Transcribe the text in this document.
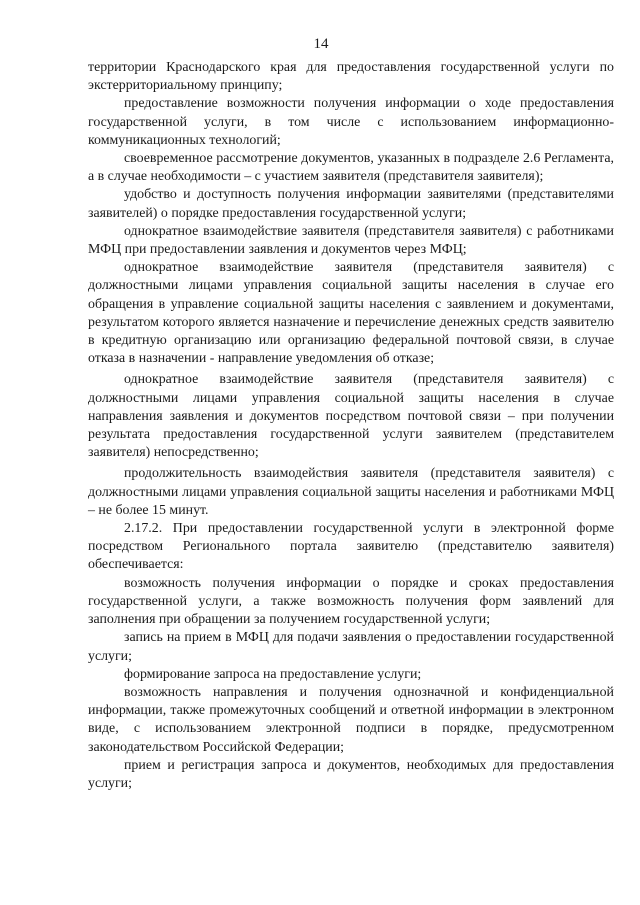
14

территории Краснодарского края для предоставления государственной услуги по экстерриториальному принципу;

предоставление возможности получения информации о ходе предоставления государственной услуги, в том числе с использованием информационно-коммуникационных технологий;

своевременное рассмотрение документов, указанных в подразделе 2.6 Регламента, а в случае необходимости – с участием заявителя (представителя заявителя);

удобство и доступность получения информации заявителями (представителями заявителей) о порядке предоставления государственной услуги;

однократное взаимодействие заявителя (представителя заявителя) с работниками МФЦ при предоставлении заявления и документов через МФЦ;

однократное взаимодействие заявителя (представителя заявителя) с должностными лицами управления социальной защиты населения в случае его обращения в управление социальной защиты населения с заявлением и документами, результатом которого является назначение и перечисление денежных средств заявителю в кредитную организацию или организацию федеральной почтовой связи, в случае отказа в назначении - направление уведомления об отказе;

однократное взаимодействие заявителя (представителя заявителя) с должностными лицами управления социальной защиты населения в случае направления заявления и документов посредством почтовой связи – при получении результата предоставления государственной услуги заявителем (представителем заявителя) непосредственно;

продолжительность взаимодействия заявителя (представителя заявителя) с должностными лицами управления социальной защиты населения и работниками МФЦ – не более 15 минут.

2.17.2. При предоставлении государственной услуги в электронной форме посредством Регионального портала заявителю (представителю заявителя) обеспечивается:

возможность получения информации о порядке и сроках предоставления государственной услуги, а также возможность получения форм заявлений для заполнения при обращении за получением государственной услуги;

запись на прием в МФЦ для подачи заявления о предоставлении государственной услуги;

формирование запроса на предоставление услуги;

возможность направления и получения однозначной и конфиденциальной информации, также промежуточных сообщений и ответной информации в электронном виде, с использованием электронной подписи в порядке, предусмотренном законодательством Российской Федерации;

прием и регистрация запроса и документов, необходимых для предоставления услуги;
